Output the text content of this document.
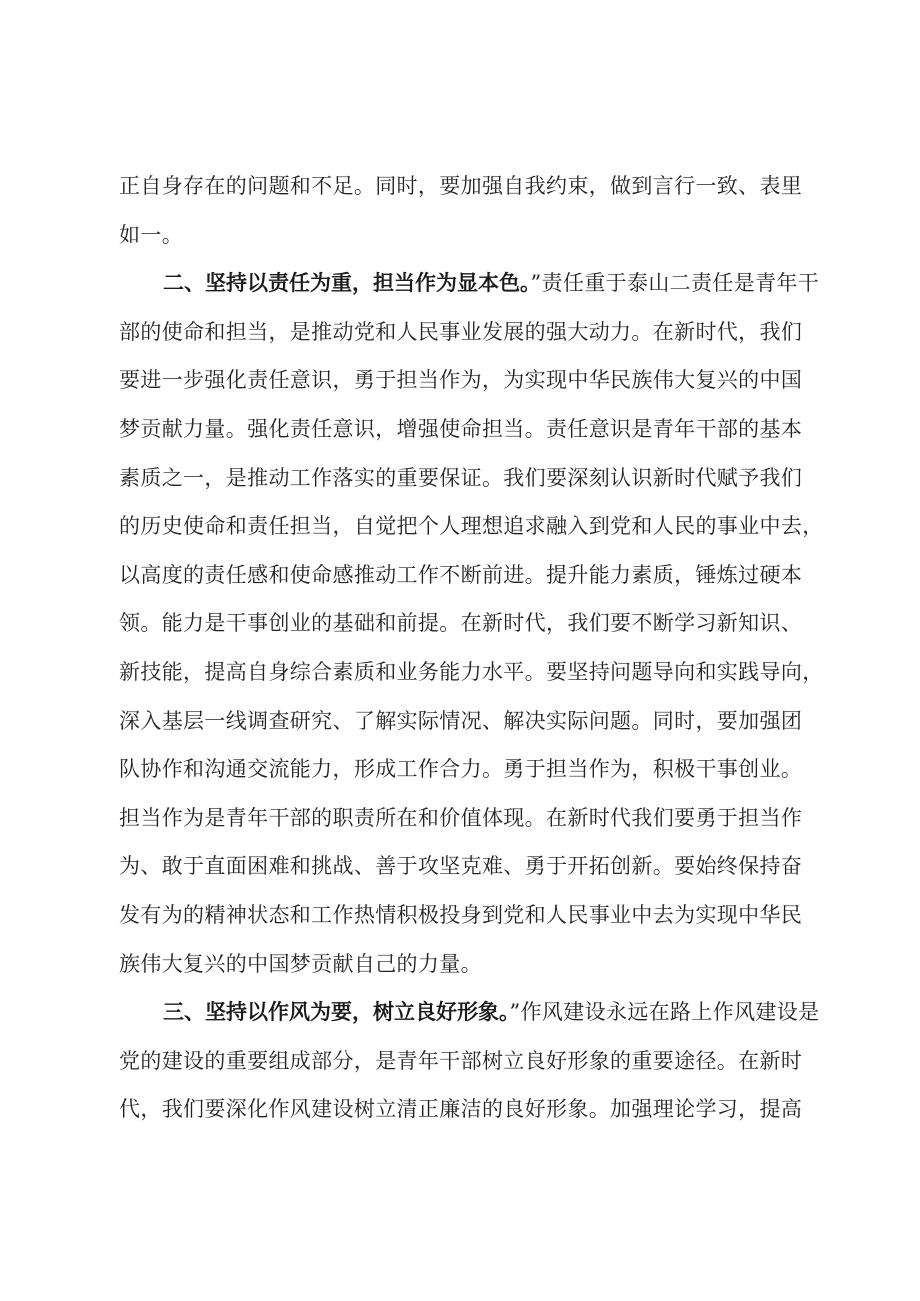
正自身存在的问题和不足。同时，要加强自我约束，做到言行一致、表里
如一。
二、坚持以责任为重，担当作为显本色。”责任重于泰山二责任是青年干
部的使命和担当，是推动党和人民事业发展的强大动力。在新时代，我们
要进一步强化责任意识，勇于担当作为，为实现中华民族伟大复兴的中国
梦贡献力量。强化责任意识，增强使命担当。责任意识是青年干部的基本
素质之一，是推动工作落实的重要保证。我们要深刻认识新时代赋予我们
的历史使命和责任担当，自觉把个人理想追求融入到党和人民的事业中去，
以高度的责任感和使命感推动工作不断前进。提升能力素质，锤炼过硬本
领。能力是干事创业的基础和前提。在新时代，我们要不断学习新知识、
新技能，提高自身综合素质和业务能力水平。要坚持问题导向和实践导向，
深入基层一线调查研究、了解实际情况、解决实际问题。同时，要加强团
队协作和沟通交流能力，形成工作合力。勇于担当作为，积极干事创业。
担当作为是青年干部的职责所在和价值体现。在新时代我们要勇于担当作
为、敢于直面困难和挑战、善于攻坚克难、勇于开拓创新。要始终保持奋
发有为的精神状态和工作热情积极投身到党和人民事业中去为实现中华民
族伟大复兴的中国梦贡献自己的力量。
三、坚持以作风为要，树立良好形象。”作风建设永远在路上作风建设是
党的建设的重要组成部分，是青年干部树立良好形象的重要途径。在新时
代，我们要深化作风建设树立清正廉洁的良好形象。加强理论学习，提高
